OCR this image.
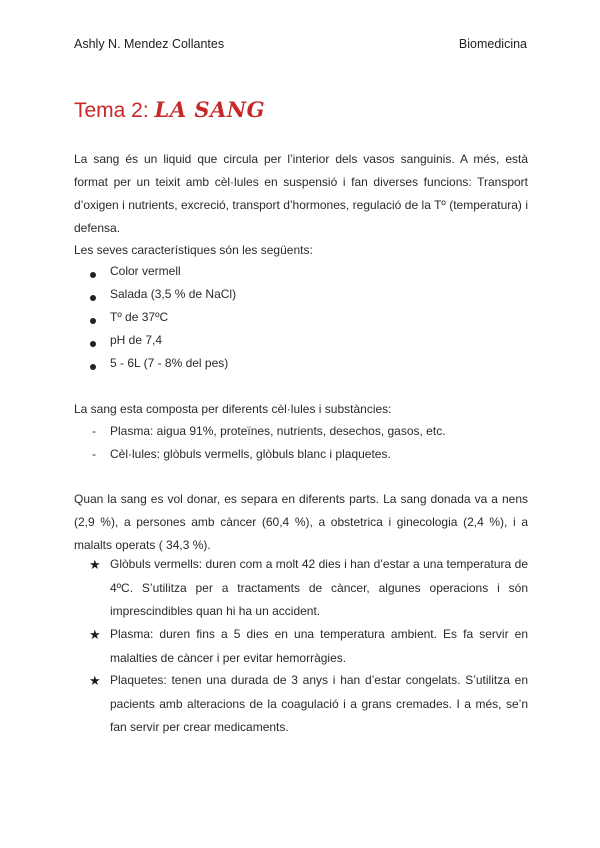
Ashly N. Mendez Collantes	Biomedicina
Tema 2: LA SANG
La sang és un liquid que circula per l’interior dels vasos sanguinis. A més, està format per un teixit amb cèl·lules en suspensió i fan diverses funcions: Transport d’oxigen i nutrients, excreció, transport d’hormones, regulació de la Tº (temperatura) i defensa.
Les seves característiques són les següents:
Color vermell
Salada (3,5 % de NaCl)
Tº de 37ºC
pH de 7,4
5 - 6L (7 - 8% del pes)
La sang esta composta per diferents cèl·lules i substàncies:
- Plasma: aigua 91%, proteïnes, nutrients, desechos, gasos, etc.
- Cèl·lules: glòbuls vermells, glòbuls blanc i plaquetes.
Quan la sang es vol donar, es separa en diferents parts. La sang donada va a nens (2,9 %), a persones amb càncer (60,4 %), a obstetrica i ginecologia (2,4 %), i a malalts operats ( 34,3 %).
★ Glòbuls vermells: duren com a molt 42 dies i han d’estar a una temperatura de 4ºC. S’utilitza per a tractaments de càncer, algunes operacions i són imprescindibles quan hi ha un accident.
★ Plasma: duren fins a 5 dies en una temperatura ambient. Es fa servir en malalties de càncer i per evitar hemorràgies.
★ Plaquetes: tenen una durada de 3 anys i han d’estar congelats. S’utilitza en pacients amb alteracions de la coagulació i a grans cremades. I a més, se’n fan servir per crear medicaments.
